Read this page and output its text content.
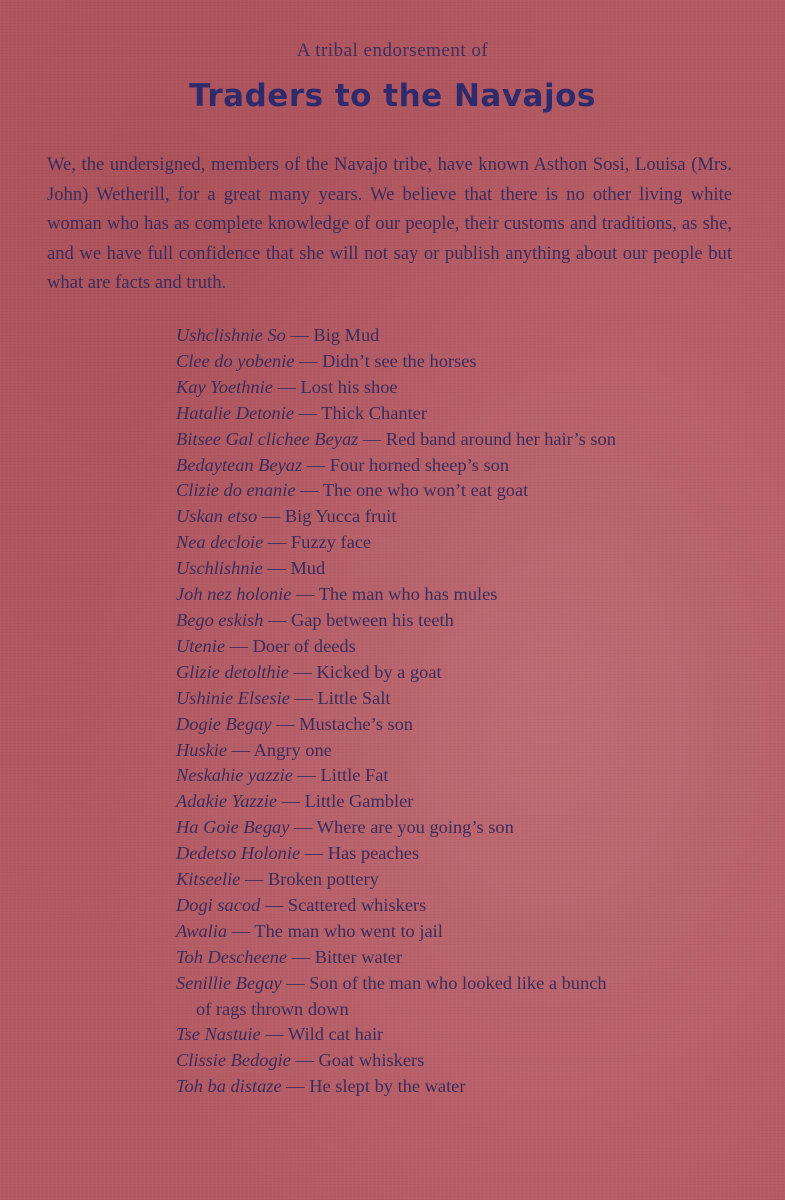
A tribal endorsement of
Traders to the Navajos

We, the undersigned, members of the Navajo tribe, have known Asthon Sosi, Louisa (Mrs. John) Wetherill, for a great many years. We believe that there is no other living white woman who has as complete knowledge of our people, their customs and traditions, as she, and we have full confidence that she will not say or publish anything about our people but what are facts and truth.

Ushclishnie So — Big Mud
Clee do yobenie — Didn’t see the horses
Kay Yoethnie — Lost his shoe
Hatalie Detonie — Thick Chanter
Bitsee Gal clichee Beyaz — Red band around her hair’s son
Bedaytean Beyaz — Four horned sheep’s son
Clizie do enanie — The one who won’t eat goat
Uskan etso — Big Yucca fruit
Nea decloie — Fuzzy face
Uschlishnie — Mud
Joh nez holonie — The man who has mules
Bego eskish — Gap between his teeth
Utenie — Doer of deeds
Glizie detolthie — Kicked by a goat
Ushinie Elsesie — Little Salt
Dogie Begay — Mustache’s son
Huskie — Angry one
Neskahie yazzie — Little Fat
Adakie Yazzie — Little Gambler
Ha Goie Begay — Where are you going’s son
Dedetso Holonie — Has peaches
Kitseelie — Broken pottery
Dogi sacod — Scattered whiskers
Awalia — The man who went to jail
Toh Descheene — Bitter water
Senillie Begay — Son of the man who looked like a bunch of rags thrown down
Tse Nastuie — Wild cat hair
Clissie Bedogie — Goat whiskers
Toh ba distaze — He slept by the water
